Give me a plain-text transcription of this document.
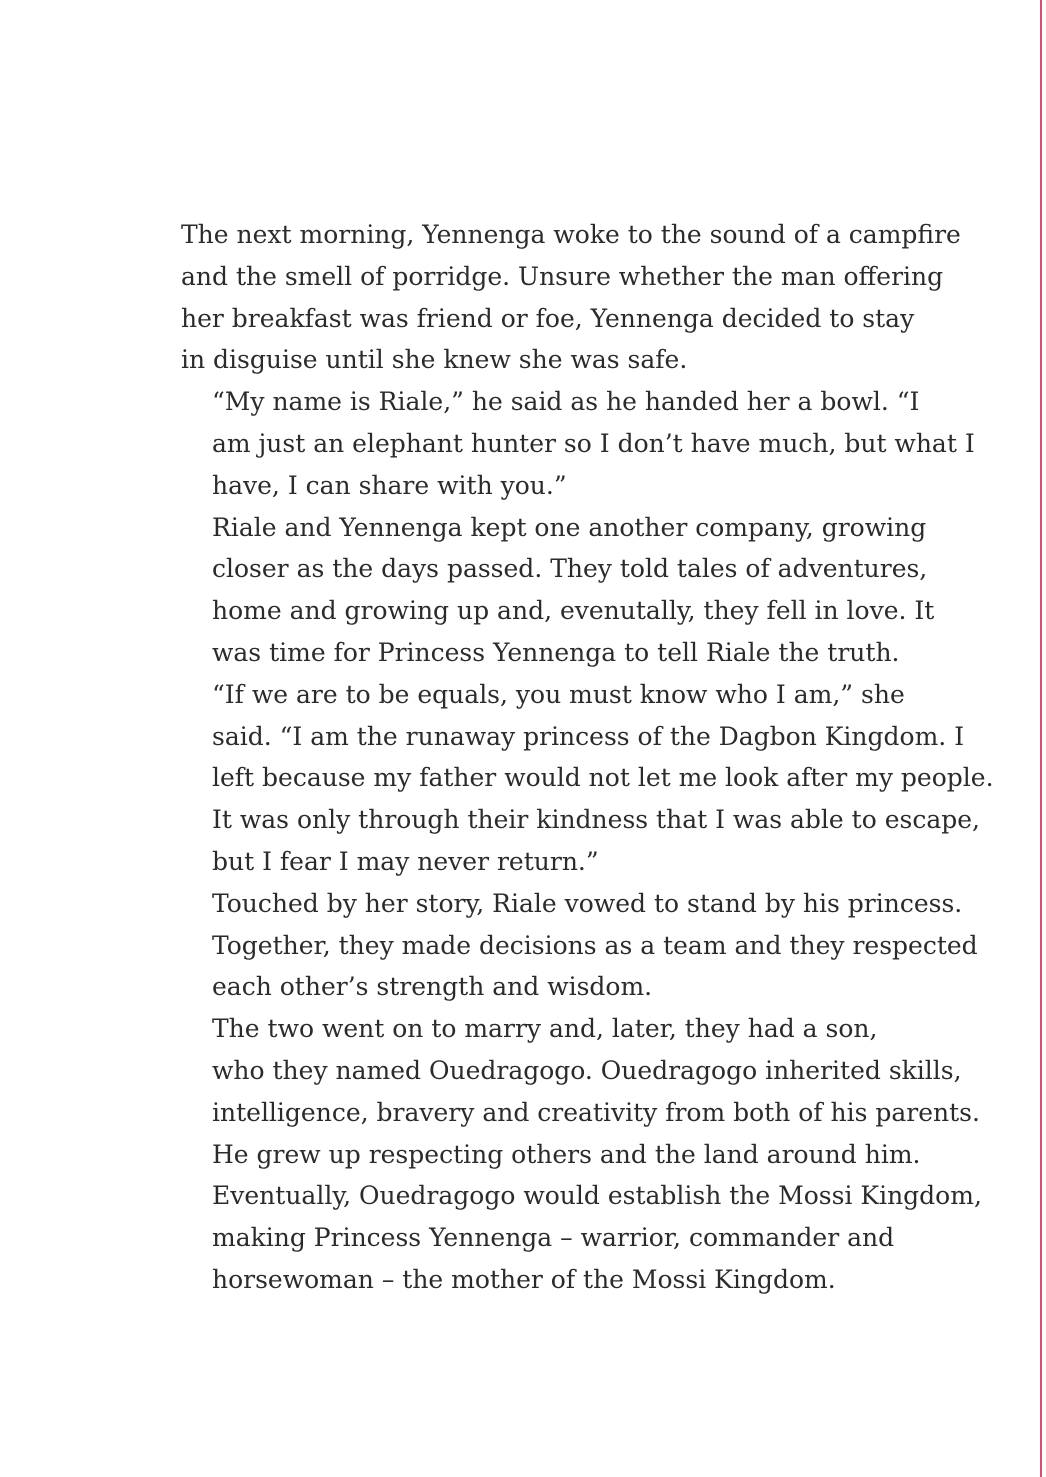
The next morning, Yennenga woke to the sound of a campfire
and the smell of porridge. Unsure whether the man offering
her breakfast was friend or foe, Yennenga decided to stay
in disguise until she knew she was safe.

“My name is Riale,” he said as he handed her a bowl. “I
am just an elephant hunter so I don’t have much, but what I
have, I can share with you.”

Riale and Yennenga kept one another company, growing
closer as the days passed. They told tales of adventures,
home and growing up and, evenutally, they fell in love. It
was time for Princess Yennenga to tell Riale the truth.

“If we are to be equals, you must know who I am,” she
said. “I am the runaway princess of the Dagbon Kingdom. I
left because my father would not let me look after my people.
It was only through their kindness that I was able to escape,
but I fear I may never return.”

Touched by her story, Riale vowed to stand by his princess.
Together, they made decisions as a team and they respected
each other’s strength and wisdom.

The two went on to marry and, later, they had a son,
who they named Ouedragogo. Ouedragogo inherited skills,
intelligence, bravery and creativity from both of his parents.
He grew up respecting others and the land around him.
Eventually, Ouedragogo would establish the Mossi Kingdom,
making Princess Yennenga – warrior, commander and
horsewoman – the mother of the Mossi Kingdom.
